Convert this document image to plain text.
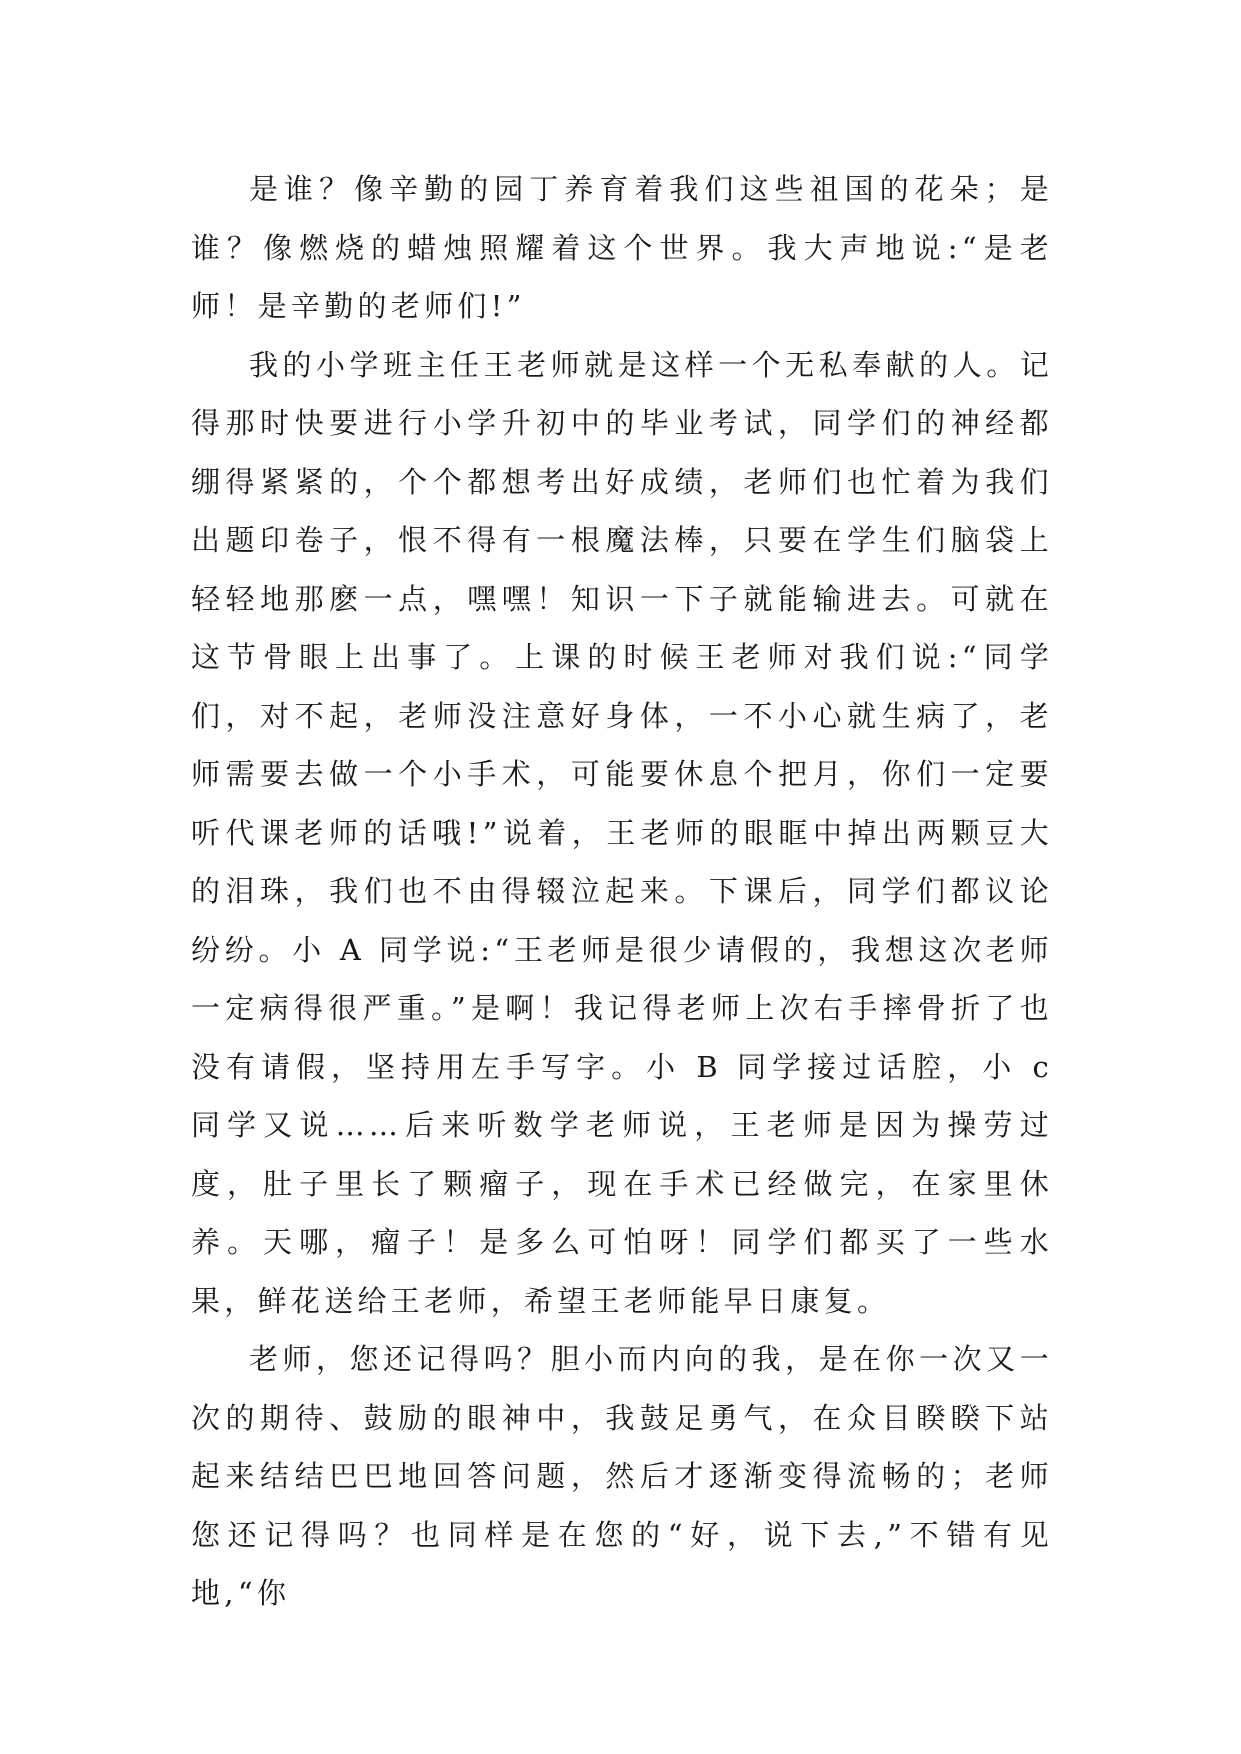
是谁？像辛勤的园丁养育着我们这些祖国的花朵；是谁？像燃烧的蜡烛照耀着这个世界。我大声地说:“是老师！是辛勤的老师们!”

我的小学班主任王老师就是这样一个无私奉献的人。记得那时快要进行小学升初中的毕业考试，同学们的神经都绷得紧紧的，个个都想考出好成绩，老师们也忙着为我们出题印卷子，恨不得有一根魔法棒，只要在学生们脑袋上轻轻地那麽一点，嘿嘿！知识一下子就能输进去。可就在这节骨眼上出事了。上课的时候王老师对我们说:“同学们，对不起，老师没注意好身体，一不小心就生病了，老师需要去做一个小手术，可能要休息个把月，你们一定要听代课老师的话哦!”说着，王老师的眼眶中掉出两颗豆大的泪珠，我们也不由得辍泣起来。下课后，同学们都议论纷纷。小 A 同学说:“王老师是很少请假的，我想这次老师一定病得很严重。”是啊！我记得老师上次右手摔骨折了也没有请假，坚持用左手写字。小 B 同学接过话腔，小 c 同学又说……后来听数学老师说，王老师是因为操劳过度，肚子里长了颗瘤子，现在手术已经做完，在家里休养。天哪，瘤子！是多么可怕呀！同学们都买了一些水果，鲜花送给王老师，希望王老师能早日康复。

老师，您还记得吗？胆小而内向的我，是在你一次又一次的期待、鼓励的眼神中，我鼓足勇气，在众目睽睽下站起来结结巴巴地回答问题，然后才逐渐变得流畅的；老师您还记得吗？也同样是在您的“好，说下去,”不错有见地,“你
